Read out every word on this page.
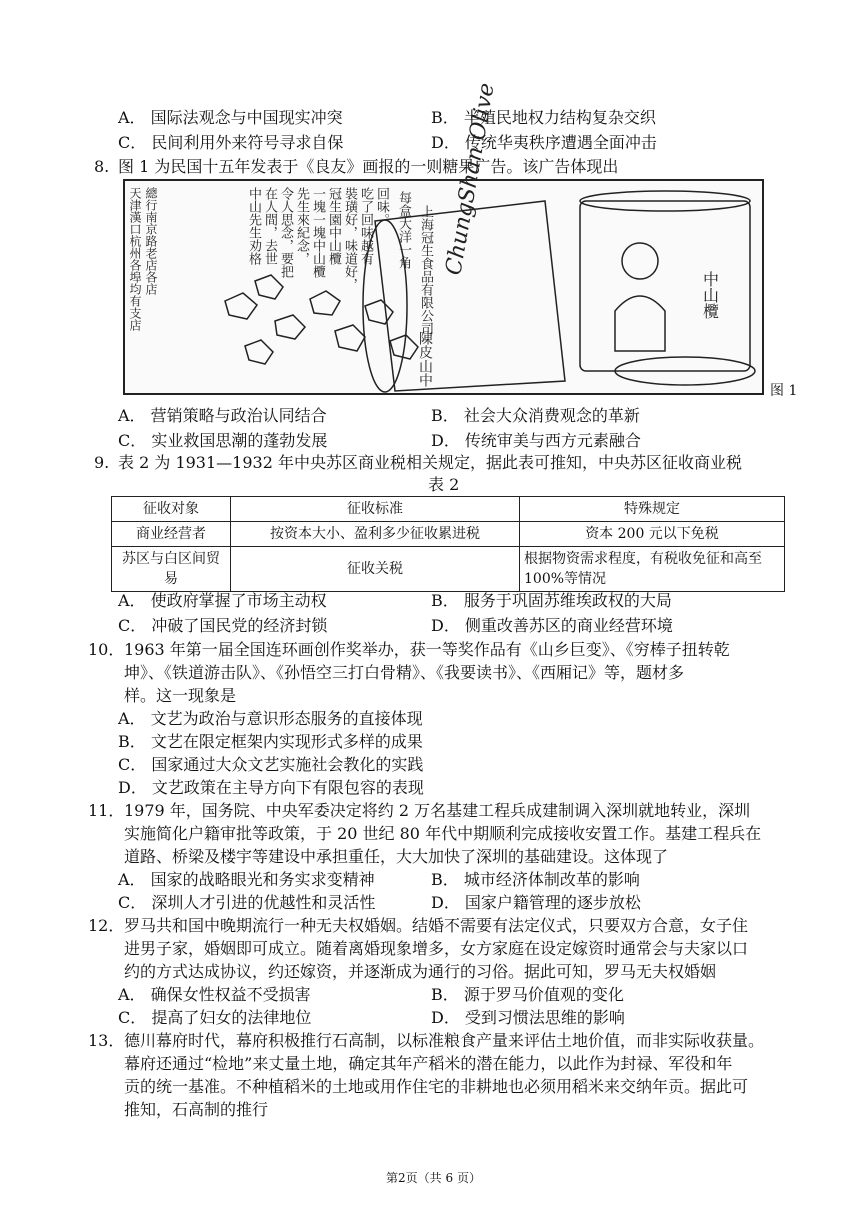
A． 国际法观念与中国现实冲突	B． 半殖民地权力结构复杂交织
C． 民间利用外来符号寻求自保	D． 传统华夷秩序遭遇全面冲击
8. 图 1 为民国十五年发表于《良友》画报的一则糖果广告。该广告体现出
中山先生劝格 在人間，去世 令人思念，要把 先生來紀念， 一塊一塊中山欖 冠生園中山欖 裝璜好，味道好， 吃了回味越有 回味。 每盒大洋一角 上海冠生食品有限公司
天津漢口杭州各埠均有支店 總行南京路老店各店	ChungShan Olive
中山欖
陳皮山中
图 1
A． 营销策略与政治认同结合	B． 社会大众消费观念的革新
C． 实业救国思潮的蓬勃发展	D． 传统审美与西方元素融合
9. 表 2 为 1931—1932 年中央苏区商业税相关规定，据此表可推知，中央苏区征收商业税
表 2
征收对象	征收标准	特殊规定
商业经营者	按资本大小、盈利多少征收累进税	资本 200 元以下免税
苏区与白区间贸易	征收关税	根据物资需求程度，有税收免征和高至 100%等情况
A． 使政府掌握了市场主动权	B． 服务于巩固苏维埃政权的大局
C． 冲破了国民党的经济封锁	D． 侧重改善苏区的商业经营环境
10． 1963 年第一届全国连环画创作奖举办，获一等奖作品有《山乡巨变》、《穷棒子扭转乾
坤》、《铁道游击队》、《孙悟空三打白骨精》、《我要读书》、《西厢记》等，题材多
样。这一现象是
A． 文艺为政治与意识形态服务的直接体现
B． 文艺在限定框架内实现形式多样的成果
C． 国家通过大众文艺实施社会教化的实践
D． 文艺政策在主导方向下有限包容的表现
11． 1979 年，国务院、中央军委决定将约 2 万名基建工程兵成建制调入深圳就地转业，深圳
实施简化户籍审批等政策，于 20 世纪 80 年代中期顺利完成接收安置工作。基建工程兵在
道路、桥梁及楼宇等建设中承担重任，大大加快了深圳的基础建设。这体现了
A． 国家的战略眼光和务实求变精神	B． 城市经济体制改革的影响
C． 深圳人才引进的优越性和灵活性	D． 国家户籍管理的逐步放松
12． 罗马共和国中晚期流行一种无夫权婚姻。结婚不需要有法定仪式，只要双方合意，女子住
进男子家，婚姻即可成立。随着离婚现象增多，女方家庭在设定嫁资时通常会与夫家以口
约的方式达成协议，约还嫁资，并逐渐成为通行的习俗。据此可知，罗马无夫权婚姻
A． 确保女性权益不受损害	B． 源于罗马价值观的变化
C． 提高了妇女的法律地位	D． 受到习惯法思维的影响
13． 德川幕府时代，幕府积极推行石高制，以标准粮食产量来评估土地价值，而非实际收获量。
幕府还通过“检地”来丈量土地，确定其年产稻米的潜在能力，以此作为封禄、军役和年
贡的统一基准。不种植稻米的土地或用作住宅的非耕地也必须用稻米来交纳年贡。据此可
推知，石高制的推行
第2页（共 6 页）
